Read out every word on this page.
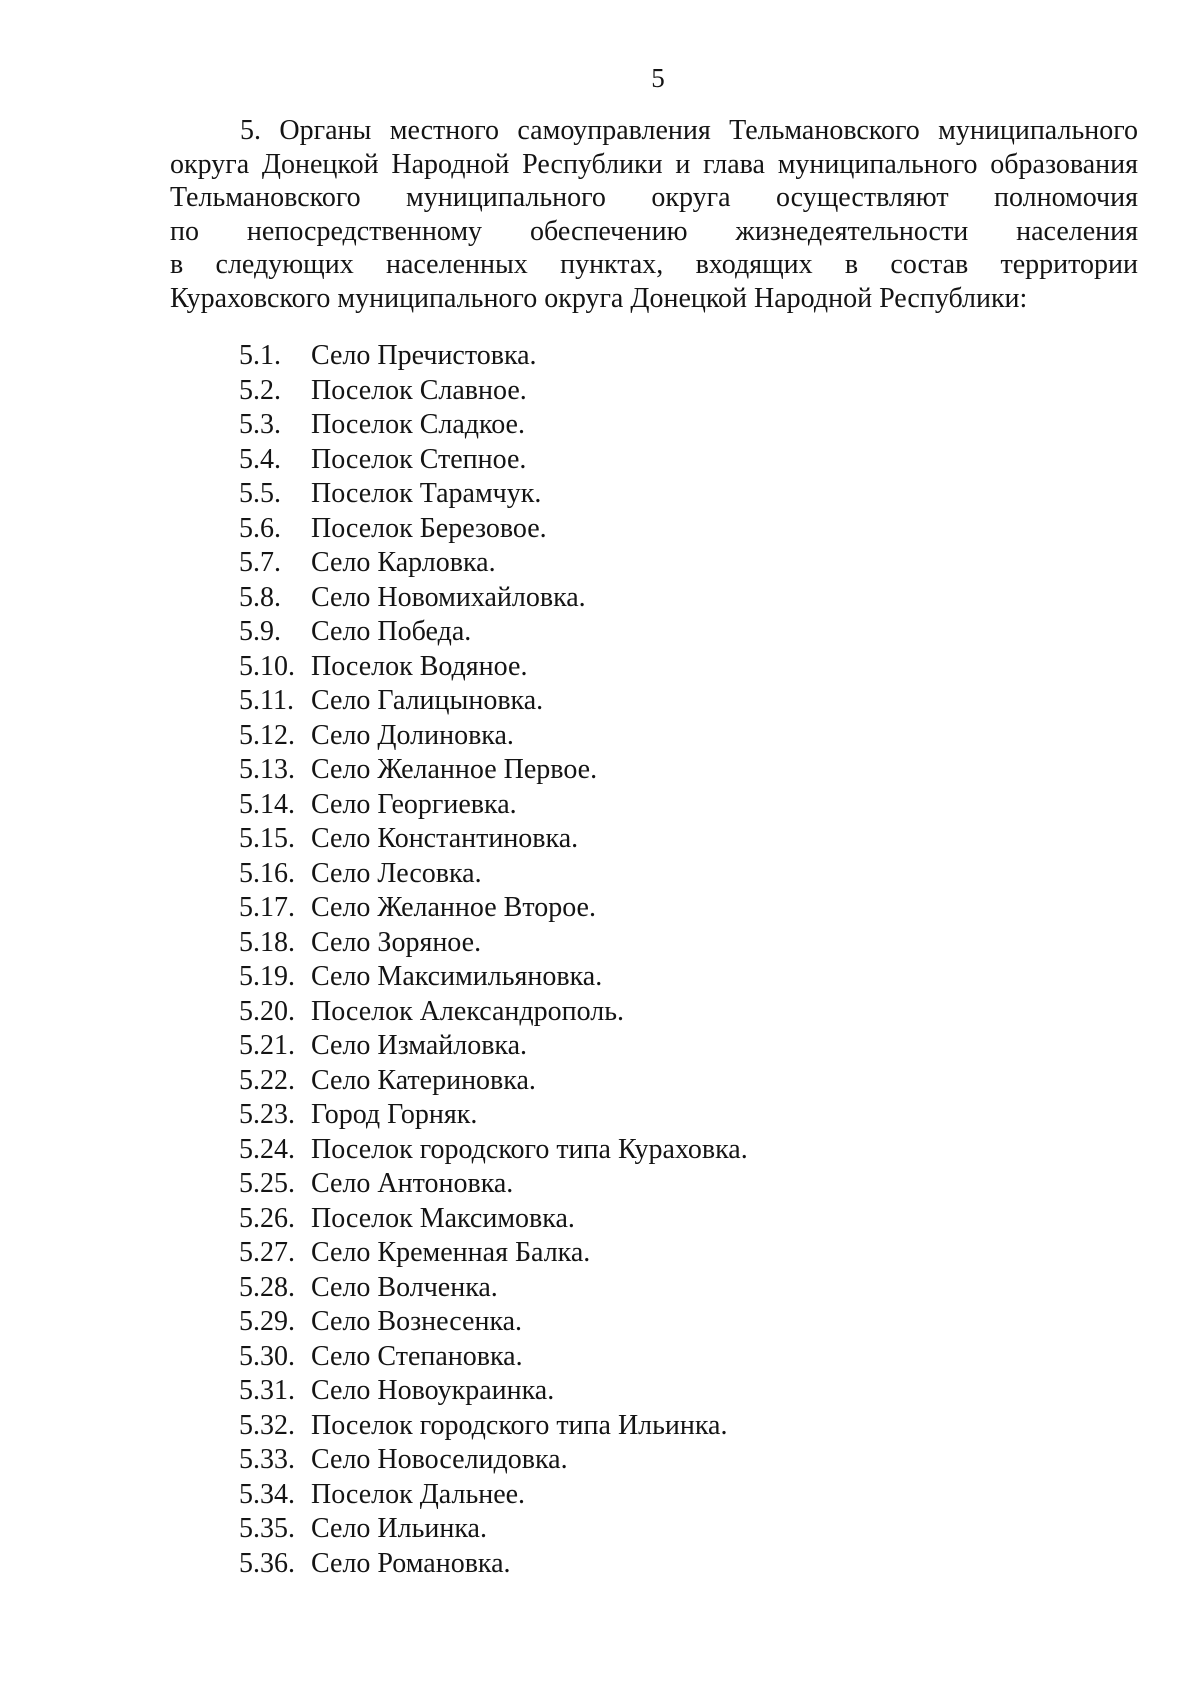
5
5. Органы местного самоуправления Тельмановского муниципального
округа Донецкой Народной Республики и глава муниципального образования
Тельмановского муниципального округа осуществляют полномочия
по непосредственному обеспечению жизнедеятельности населения
в следующих населенных пунктах, входящих в состав территории
Кураховского муниципального округа Донецкой Народной Республики:
5.1.	Село Пречистовка.
5.2.	Поселок Славное.
5.3.	Поселок Сладкое.
5.4.	Поселок Степное.
5.5.	Поселок Тарамчук.
5.6.	Поселок Березовое.
5.7.	Село Карловка.
5.8.	Село Новомихайловка.
5.9.	Село Победа.
5.10. Поселок Водяное.
5.11. Село Галицыновка.
5.12. Село Долиновка.
5.13. Село Желанное Первое.
5.14. Село Георгиевка.
5.15. Село Константиновка.
5.16. Село Лесовка.
5.17. Село Желанное Второе.
5.18. Село Зоряное.
5.19. Село Максимильяновка.
5.20. Поселок Александрополь.
5.21. Село Измайловка.
5.22. Село Катериновка.
5.23. Город Горняк.
5.24. Поселок городского типа Кураховка.
5.25. Село Антоновка.
5.26. Поселок Максимовка.
5.27. Село Кременная Балка.
5.28. Село Волченка.
5.29. Село Вознесенка.
5.30. Село Степановка.
5.31. Село Новоукраинка.
5.32. Поселок городского типа Ильинка.
5.33. Село Новоселидовка.
5.34. Поселок Дальнее.
5.35. Село Ильинка.
5.36. Село Романовка.
